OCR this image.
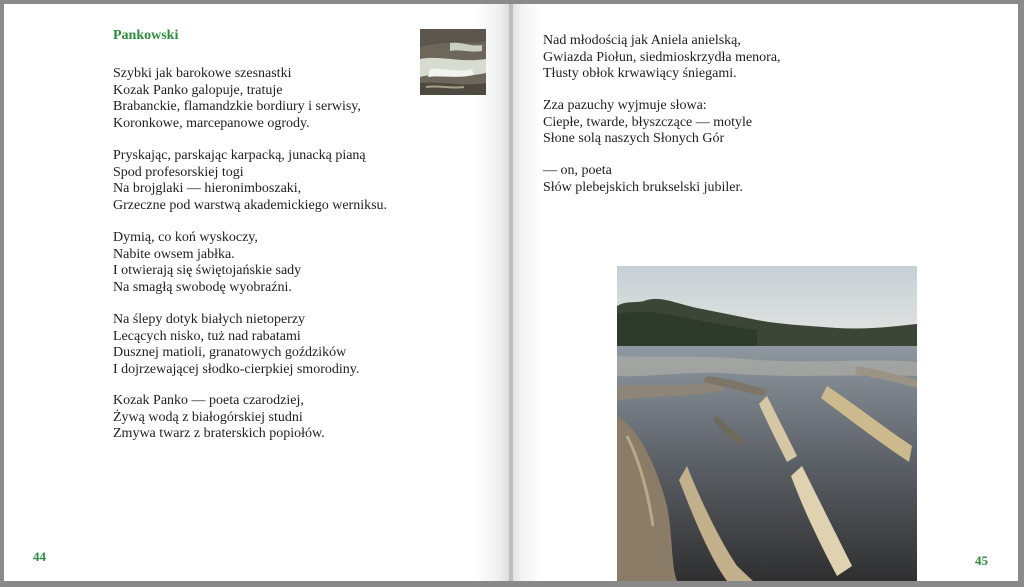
Pankowski
Szybki jak barokowe szesnastki
Kozak Panko galopuje, tratuje
Brabanckie, flamandzkie bordiury i serwisy,
Koronkowe, marcepanowe ogrody.
Pryskając, parskając karpacką, junacką pianą
Spod profesorskiej togi
Na brojglaki — hieronimboszaki,
Grzeczne pod warstwą akademickiego werniksu.
Dymią, co koń wyskoczy,
Nabite owsem jabłka.
I otwierają się świętojańskie sady
Na smagłą swobodę wyobraźni.
Na ślepy dotyk białych nietoperzy
Lecących nisko, tuż nad rabatami
Dusznej matioli, granatowych goździków
I dojrzewającej słodko-cierpkiej smorodiny.
Kozak Panko — poeta czarodziej,
Żywą wodą z białogórskiej studni
Zmywa twarz z braterskich popiołów.
44
Nad młodością jak Aniela anielską,
Gwiazda Piołun, siedmioskrzydła menora,
Tłusty obłok krwawiący śniegami.
Zza pazuchy wyjmuje słowa:
Ciepłe, twarde, błyszczące — motyle
Słone solą naszych Słonych Gór
— on, poeta
Słów plebejskich brukselski jubiler.
45
